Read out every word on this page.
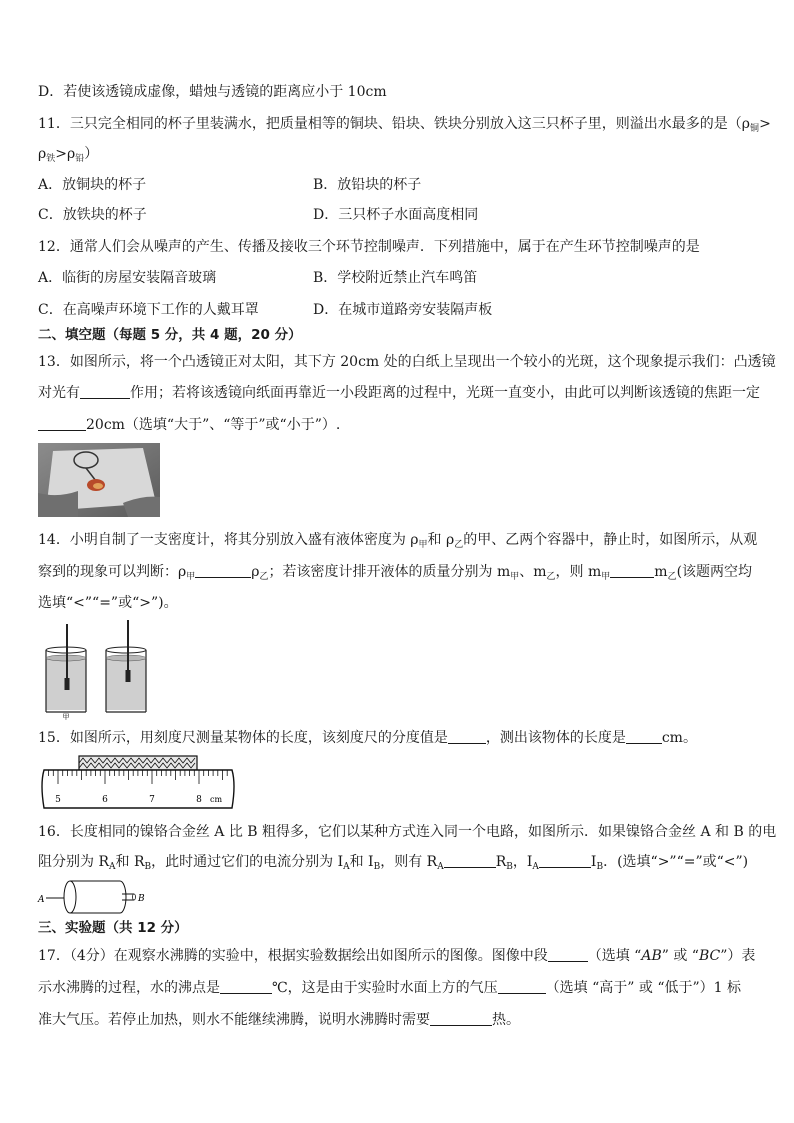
D．若使该透镜成虚像，蜡烛与透镜的距离应小于 10cm
11．三只完全相同的杯子里装满水，把质量相等的铜块、铅块、铁块分别放入这三只杯子里，则溢出水最多的是（$\rho_铜>$
$\rho_铁>\rho_铅$）
A．放铜块的杯子	B．放铅块的杯子
C．放铁块的杯子	D．三只杯子水面高度相同
12．通常人们会从噪声的产生、传播及接收三个环节控制噪声．下列措施中，属于在产生环节控制噪声的是
A．临街的房屋安装隔音玻璃	B．学校附近禁止汽车鸣笛
C．在高噪声环境下工作的人戴耳罩	D．在城市道路旁安装隔声板
二、填空题（每题 5 分，共 4 题，20 分）
13．如图所示，将一个凸透镜正对太阳，其下方 20cm 处的白纸上呈现出一个较小的光斑，这个现象提示我们：凸透镜
对光有	作用；若将该透镜向纸面再靠近一小段距离的过程中，光斑一直变小，由此可以判断该透镜的焦距一定
20cm（选填“大于”、“等于”或“小于”）.
14．小明自制了一支密度计，将其分别放入盛有液体密度为 $\rho_甲$和 $\rho_乙$的甲、乙两个容器中，静止时，如图所示，从观
察到的现象可以判断：$\rho_甲$	$\rho_乙$；若该密度计排开液体的质量分别为 $m_甲$、$m_乙$，则 $m_甲$	$m_乙$(该题两空均
选填“<”“=”或“>”)。
甲
15．如图所示，用刻度尺测量某物体的长度，该刻度尺的分度值是	，测出该物体的长度是	cm。
5	6	7	8 cm
16．长度相同的镍铬合金丝 A 比 B 粗得多，它们以某种方式连入同一个电路，如图所示．如果镍铬合金丝 A 和 B 的电
阻分别为 $R_A$和 $R_B$，此时通过它们的电流分别为 $I_A$和 $I_B$，则有 $R_A$	$R_B$，$I_A$	$I_B$．(选填“>”“=”或“<”)
A	B
三、实验题（共 12 分）
17．（4分）在观察水沸腾的实验中，根据实验数据绘出如图所示的图像。图像中段	（选填 “AB” 或 “BC”）表
示水沸腾的过程，水的沸点是	℃，这是由于实验时水面上方的气压	（选填 “高于” 或 “低于”）1 标
准大气压。若停止加热，则水不能继续沸腾，说明水沸腾时需要	热。
